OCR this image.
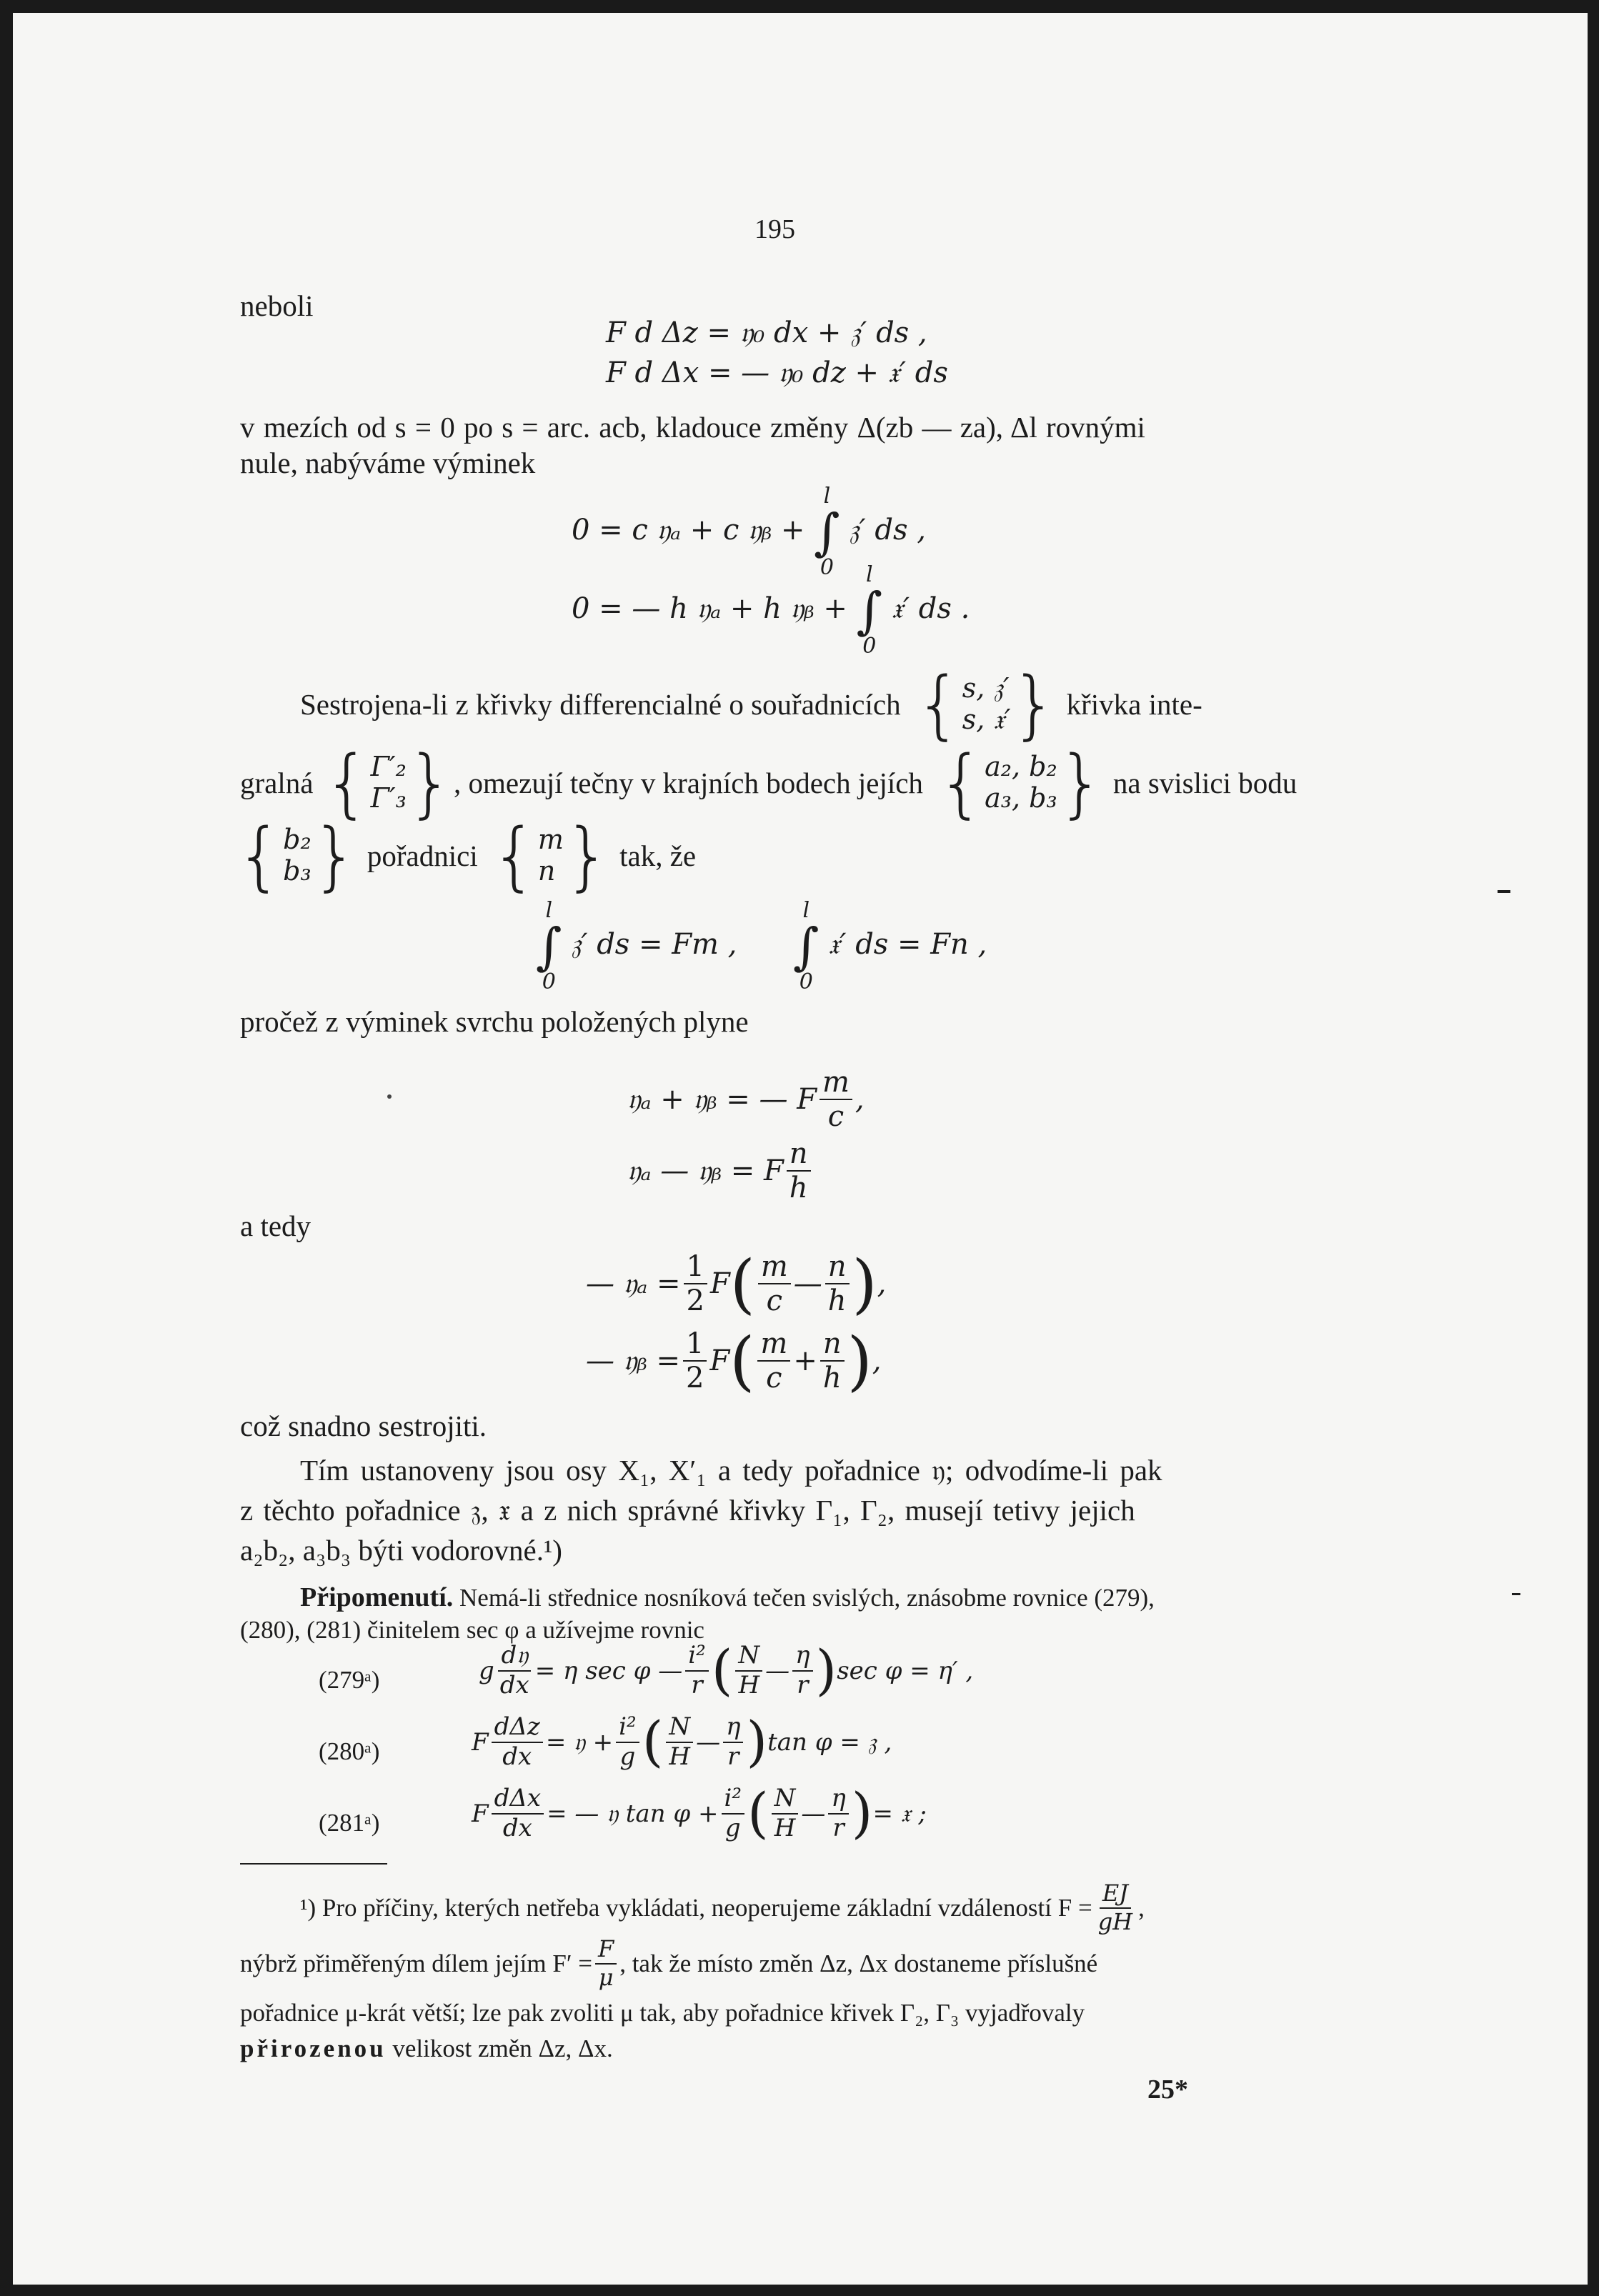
195
neboli
F d Δz = 𝔶₀ dx + 𝔷′ ds ,
F d Δx = — 𝔶₀ dz + 𝔵′ ds
v mezích od s = 0 po s = arc. acb, kladouce změny Δ(zb — za), Δl rovnými
nule, nabýváme výminek
0 = c 𝔶ₐ + c 𝔶ᵦ +
l
∫
0
𝔷′ ds ,
0 = — h 𝔶ₐ + h 𝔶ᵦ +
l
∫
0
𝔵′ ds .
Sestrojena-li z křivky differencialné o souřadnicích { s, 𝔷′
s, 𝔵′ } křivka inte-
gralná { Γ′₂
Γ′₃ } , omezují tečny v krajních bodech jejích { a₂, b₂
a₃, b₃ } na svislici bodu
{ b₂
b₃ } pořadnici { m
n } tak, že
l
∫
0
𝔷′ ds = Fm ,
l
∫
0
𝔵′ ds = Fn ,
pročež z výminek svrchu položených plyne
𝔶ₐ + 𝔶ᵦ = — F $\frac{m}{c}$ ,
𝔶ₐ — 𝔶ᵦ = F $\frac{n}{h}$
a tedy
— 𝔶ₐ = $\frac{1}{2}$ F ( $\frac{m}{c}$ — $\frac{n}{h}$ ) ,
— 𝔶ᵦ = $\frac{1}{2}$ F ( $\frac{m}{c} + \frac{n}{h}$ ) ,
což snadno sestrojiti.
Tím ustanoveny jsou osy X₁, X′₁ a tedy pořadnice 𝔶; odvodíme-li pak
z těchto pořadnice 𝔷, 𝔵 a z nich správné křivky Γ₁, Γ₂, musejí tetivy jejich
a₂b₂, a₃b₃ býti vodorovné.¹)
Připomenutí. Nemá-li střednice nosníková tečen svislých, znásobme rovnice (279),
(280), (281) činitelem sec φ a užívejme rovnic
(279ᵃ)	g $\frac{\text{d𝔶}}{dx} = \eta$ sec φ — $\frac{\text{i²}}{r}$ ( $\frac{N}{H}$ — $\frac{\eta}{r}$ ) sec φ = η′ ,
(280ᵃ)	F $\frac{\text{dΔz}}{dx}$ = 𝔶 + $\frac{\text{i²}}{g}$ ( $\frac{N}{H}$ — $\frac{\eta}{r}$ ) tan φ = 𝔷 ,
(281ᵃ)	F $\frac{\text{dΔx}}{dx}$ = — 𝔶 $\tan \varphi + \frac{\text{i²}}{g}$ ( $\frac{N}{H}$ — $\frac{\eta}{r}$ ) = 𝔵 ;
¹) Pro příčiny, kterých netřeba vykládati, neoperujeme základní vzdáleností $F = \frac{EJ}{gH}$ ,
nýbrž přiměřeným dílem jejím $F' = \frac{F}{\mu}$ , tak že místo změn Δz, Δx dostaneme příslušné
pořadnice μ-krát větší; lze pak zvoliti μ tak, aby pořadnice křivek Γ₂, Γ₃ vyjadřovaly
přirozenou velikost změn Δz, Δx.
25*
